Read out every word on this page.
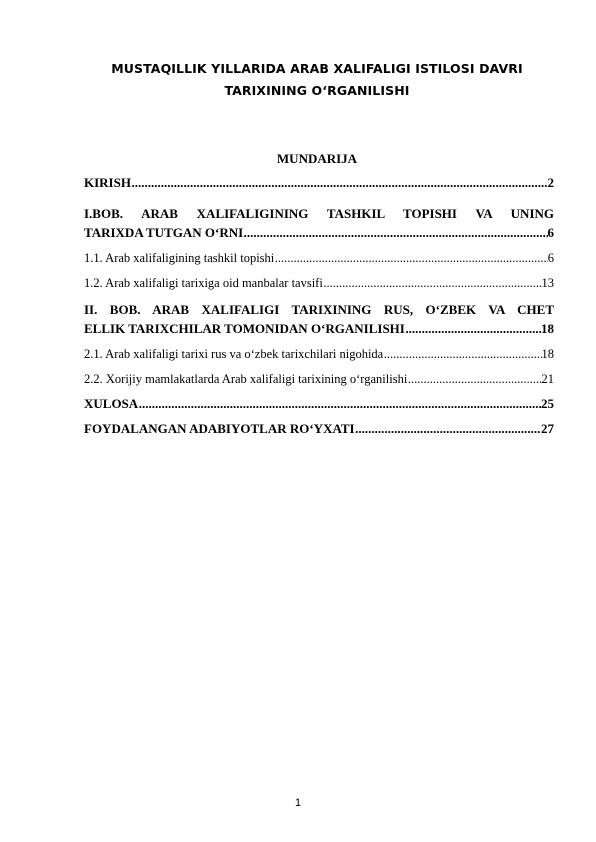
MUSTAQILLIK YILLARIDA ARAB XALIFALIGI ISTILOSI DAVRI
TARIXINING O‘RGANILISHI
MUNDARIJA
KIRISH .....	2
I.BOB. ARAB XALIFALIGINING TASHKIL TOPISHI VA UNING
TARIXDA TUTGAN O‘RNI .....	6
1.1. Arab xalifaligining tashkil topishi .....	6
1.2. Arab xalifaligi tarixiga oid manbalar tavsifi .....	13
II. BOB. ARAB XALIFALIGI TARIXINING RUS, O‘ZBEK VA CHET
ELLIK TARIXCHILAR TOMONIDAN O‘RGANILISHI .....	18
2.1. Arab xalifaligi tarixi rus va o‘zbek tarixchilari nigohida .....	18
2.2. Xorijiy mamlakatlarda Arab xalifaligi tarixining o‘rganilishi .....	21
XULOSA .....	25
FOYDALANGAN ADABIYOTLAR RO‘YXATI .....	27
1
